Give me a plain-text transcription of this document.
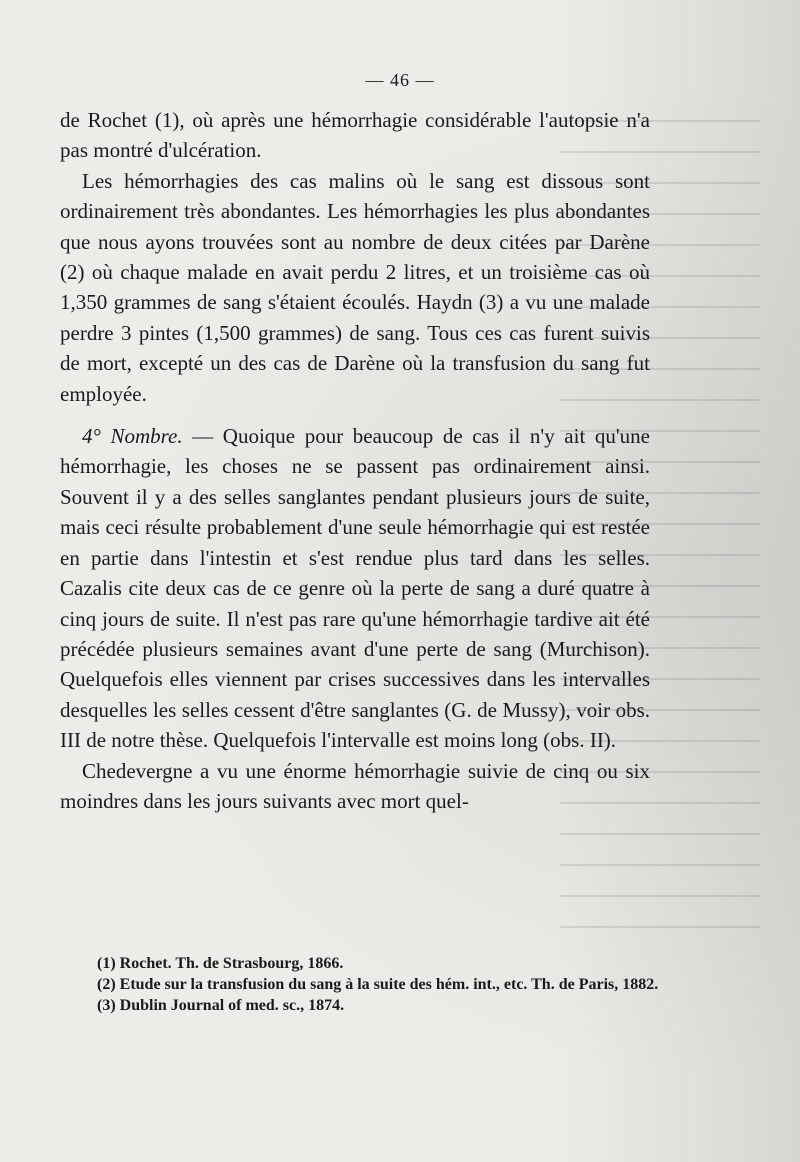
— 46 —

de Rochet (1), où après une hémorrhagie considérable l'autopsie n'a pas montré d'ulcération.

Les hémorrhagies des cas malins où le sang est dissous sont ordinairement très abondantes. Les hémorrhagies les plus abondantes que nous ayons trouvées sont au nombre de deux citées par Darène (2) où chaque malade en avait perdu 2 litres, et un troisième cas où 1,350 grammes de sang s'étaient écoulés. Haydn (3) a vu une malade perdre 3 pintes (1,500 grammes) de sang. Tous ces cas furent suivis de mort, excepté un des cas de Darène où la transfusion du sang fut employée.

4° Nombre. — Quoique pour beaucoup de cas il n'y ait qu'une hémorrhagie, les choses ne se passent pas ordinairement ainsi. Souvent il y a des selles sanglantes pendant plusieurs jours de suite, mais ceci résulte probablement d'une seule hémorrhagie qui est restée en partie dans l'intestin et s'est rendue plus tard dans les selles. Cazalis cite deux cas de ce genre où la perte de sang a duré quatre à cinq jours de suite. Il n'est pas rare qu'une hémorrhagie tardive ait été précédée plusieurs semaines avant d'une perte de sang (Murchison). Quelquefois elles viennent par crises successives dans les intervalles desquelles les selles cessent d'être sanglantes (G. de Mussy), voir obs. III de notre thèse. Quelquefois l'intervalle est moins long (obs. II).

Chedevergne a vu une énorme hémorrhagie suivie de cinq ou six moindres dans les jours suivants avec mort quel-

(1) Rochet. Th. de Strasbourg, 1866.

(2) Etude sur la transfusion du sang à la suite des hém. int., etc. Th. de Paris, 1882.

(3) Dublin Journal of med. sc., 1874.
